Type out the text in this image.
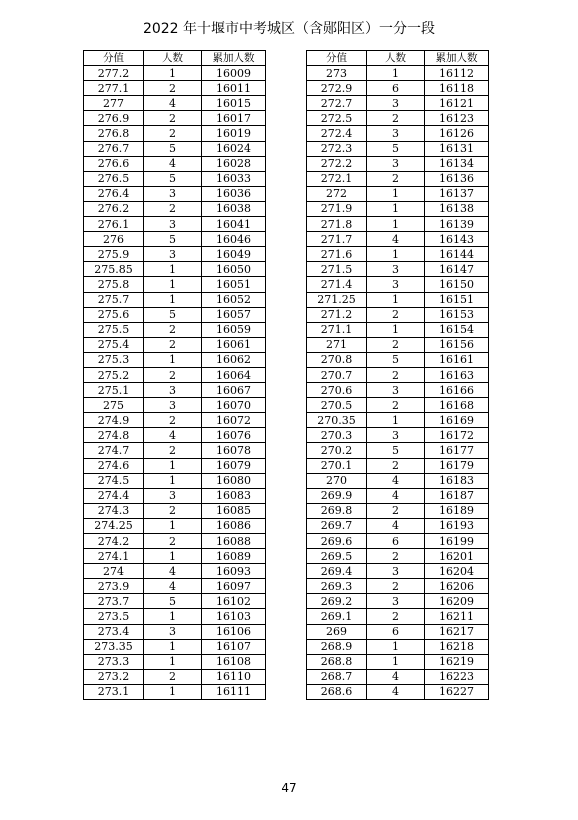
2022 年十堰市中考城区（含郧阳区）一分一段
分值	人数	累加人数
277.2	1	16009
277.1	2	16011
277	4	16015
276.9	2	16017
276.8	2	16019
276.7	5	16024
276.6	4	16028
276.5	5	16033
276.4	3	16036
276.2	2	16038
276.1	3	16041
276	5	16046
275.9	3	16049
275.85	1	16050
275.8	1	16051
275.7	1	16052
275.6	5	16057
275.5	2	16059
275.4	2	16061
275.3	1	16062
275.2	2	16064
275.1	3	16067
275	3	16070
274.9	2	16072
274.8	4	16076
274.7	2	16078
274.6	1	16079
274.5	1	16080
274.4	3	16083
274.3	2	16085
274.25	1	16086
274.2	2	16088
274.1	1	16089
274	4	16093
273.9	4	16097
273.7	5	16102
273.5	1	16103
273.4	3	16106
273.35	1	16107
273.3	1	16108
273.2	2	16110
273.1	1	16111
分值	人数	累加人数
273	1	16112
272.9	6	16118
272.7	3	16121
272.5	2	16123
272.4	3	16126
272.3	5	16131
272.2	3	16134
272.1	2	16136
272	1	16137
271.9	1	16138
271.8	1	16139
271.7	4	16143
271.6	1	16144
271.5	3	16147
271.4	3	16150
271.25	1	16151
271.2	2	16153
271.1	1	16154
271	2	16156
270.8	5	16161
270.7	2	16163
270.6	3	16166
270.5	2	16168
270.35	1	16169
270.3	3	16172
270.2	5	16177
270.1	2	16179
270	4	16183
269.9	4	16187
269.8	2	16189
269.7	4	16193
269.6	6	16199
269.5	2	16201
269.4	3	16204
269.3	2	16206
269.2	3	16209
269.1	2	16211
269	6	16217
268.9	1	16218
268.8	1	16219
268.7	4	16223
268.6	4	16227
47
